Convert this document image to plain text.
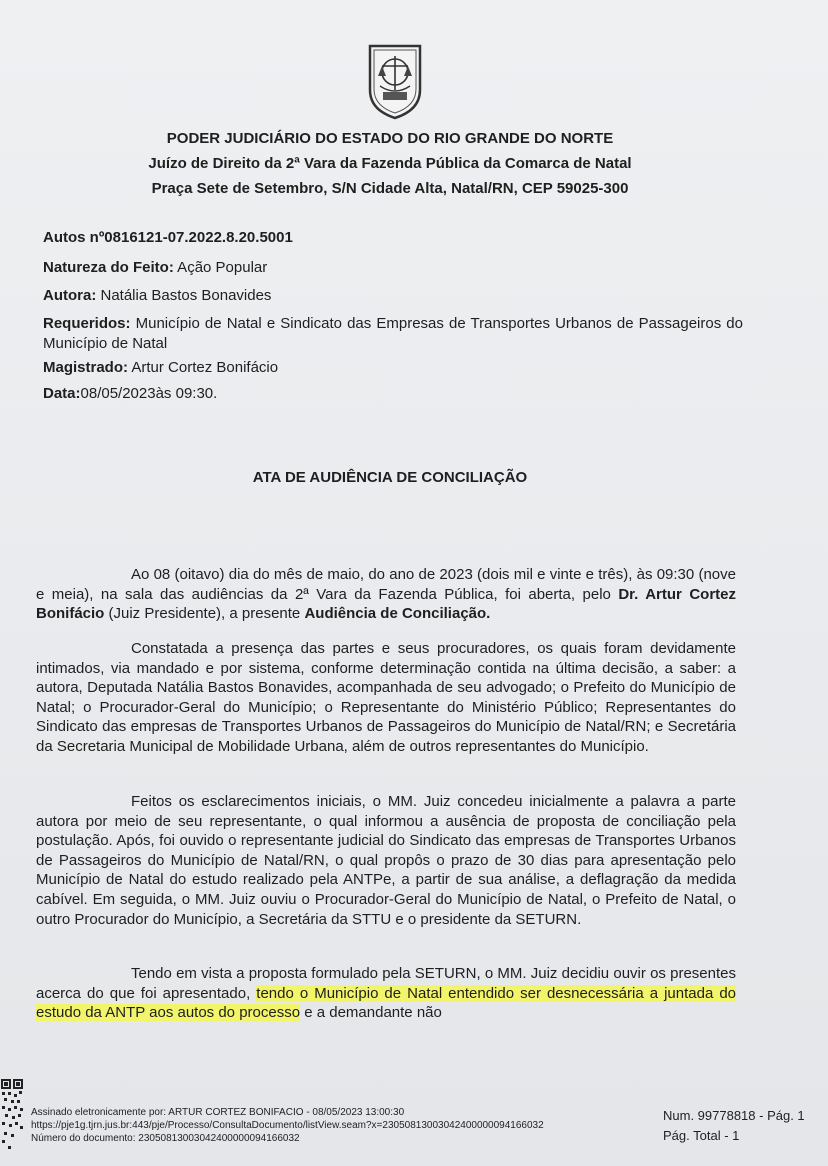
PODER JUDICIÁRIO DO ESTADO DO RIO GRANDE DO NORTE
Juízo de Direito da 2ª Vara da Fazenda Pública da Comarca de Natal
Praça Sete de Setembro, S/N Cidade Alta, Natal/RN, CEP 59025-300
Autos nº0816121-07.2022.8.20.5001
Natureza do Feito: Ação Popular
Autora: Natália Bastos Bonavides
Requeridos: Município de Natal e Sindicato das Empresas de Transportes Urbanos de Passageiros do Município de Natal
Magistrado: Artur Cortez Bonifácio
Data:08/05/2023às 09:30.
ATA DE AUDIÊNCIA DE CONCILIAÇÃO
Ao 08 (oitavo) dia do mês de maio, do ano de 2023 (dois mil e vinte e três), às 09:30 (nove e meia), na sala das audiências da 2ª Vara da Fazenda Pública, foi aberta, pelo Dr. Artur Cortez Bonifácio (Juiz Presidente), a presente Audiência de Conciliação.
Constatada a presença das partes e seus procuradores, os quais foram devidamente intimados, via mandado e por sistema, conforme determinação contida na última decisão, a saber: a autora, Deputada Natália Bastos Bonavides, acompanhada de seu advogado; o Prefeito do Município de Natal; o Procurador-Geral do Município; o Representante do Ministério Público; Representantes do Sindicato das empresas de Transportes Urbanos de Passageiros do Município de Natal/RN; e Secretária da Secretaria Municipal de Mobilidade Urbana, além de outros representantes do Município.
Feitos os esclarecimentos iniciais, o MM. Juiz concedeu inicialmente a palavra a parte autora por meio de seu representante, o qual informou a ausência de proposta de conciliação pela postulação. Após, foi ouvido o representante judicial do Sindicato das empresas de Transportes Urbanos de Passageiros do Município de Natal/RN, o qual propôs o prazo de 30 dias para apresentação pelo Município de Natal do estudo realizado pela ANTPe, a partir de sua análise, a deflagração da medida cabível. Em seguida, o MM. Juiz ouviu o Procurador-Geral do Município de Natal, o Prefeito de Natal, o outro Procurador do Município, a Secretária da STTU e o presidente da SETURN.
Tendo em vista a proposta formulado pela SETURN, o MM. Juiz decidiu ouvir os presentes acerca do que foi apresentado, tendo o Município de Natal entendido ser desnecessária a juntada do estudo da ANTP aos autos do processo e a demandante não
Assinado eletronicamente por: ARTUR CORTEZ BONIFACIO - 08/05/2023 13:00:30
https://pje1g.tjrn.jus.br:443/pje/Processo/ConsultaDocumento/listView.seam?x=23050813003042400000094166032
Número do documento: 23050813003042400000094166032
Num. 99778818 - Pág. 1
Pág. Total - 1
